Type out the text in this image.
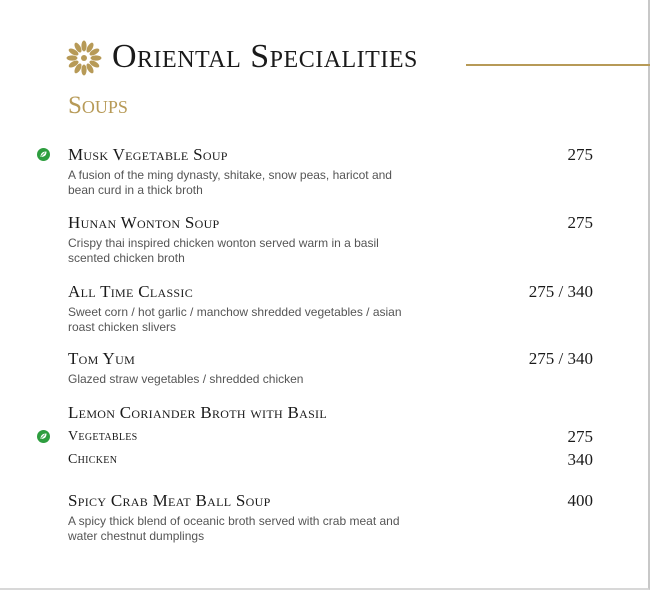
Oriental Specialities
Soups
Musk Vegetable Soup	275
A fusion of the ming dynasty, shitake, snow peas, haricot and bean curd in a thick broth
Hunan Wonton Soup	275
Crispy thai inspired chicken wonton served warm in a basil scented chicken broth
All Time Classic	275 / 340
Sweet corn / hot garlic / manchow shredded vegetables / asian roast chicken slivers
Tom Yum	275 / 340
Glazed straw vegetables / shredded chicken
Lemon Coriander Broth with Basil
Vegetables	275
Chicken	340
Spicy Crab Meat Ball Soup	400
A spicy thick blend of oceanic broth served with crab meat and water chestnut dumplings
